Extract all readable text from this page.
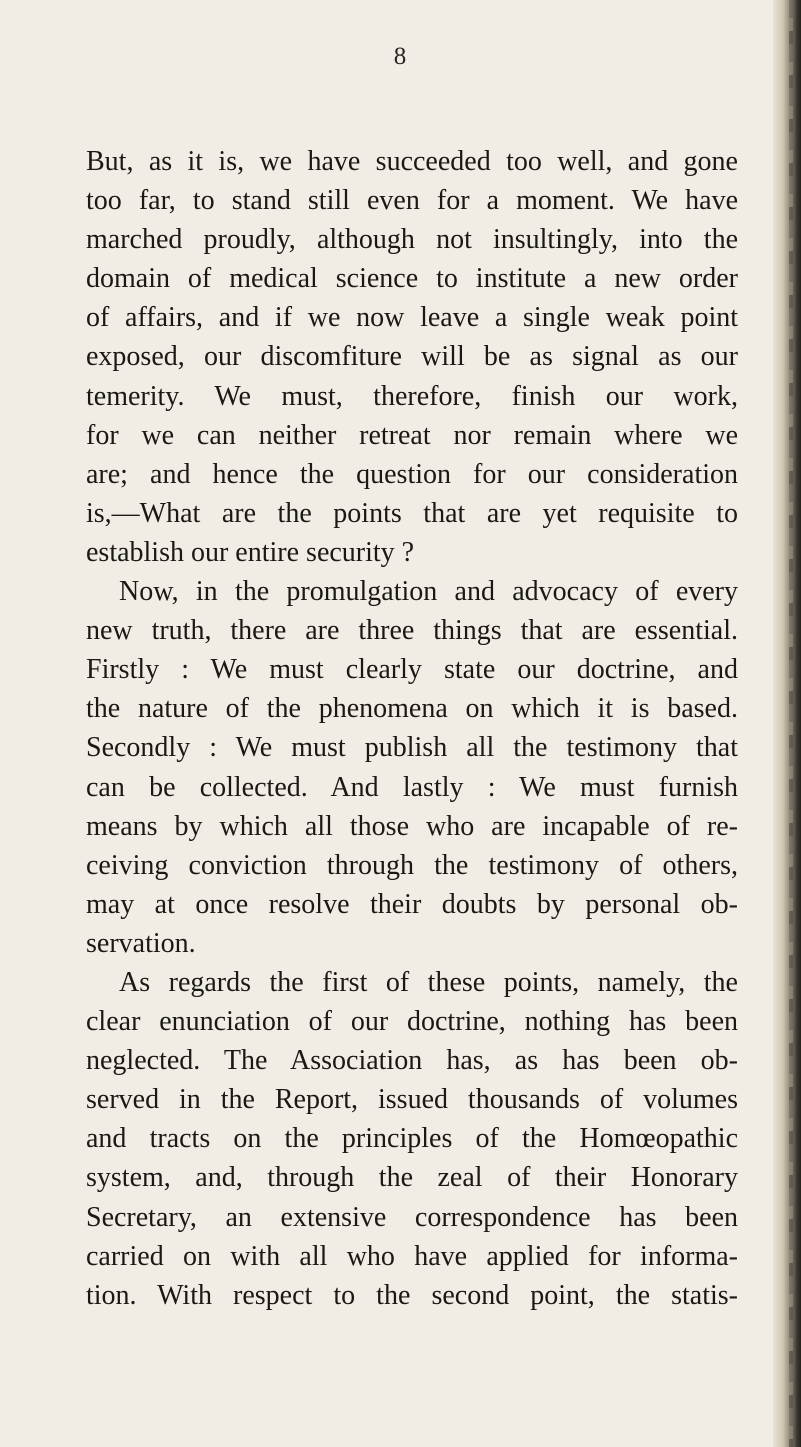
8
But, as it is, we have succeeded too well, and gone
too far, to stand still even for a moment. We have
marched proudly, although not insultingly, into the
domain of medical science to institute a new order
of affairs, and if we now leave a single weak point
exposed, our discomfiture will be as signal as our
temerity. We must, therefore, finish our work,
for we can neither retreat nor remain where we
are; and hence the question for our consideration
is,—What are the points that are yet requisite to
establish our entire security ?
Now, in the promulgation and advocacy of every
new truth, there are three things that are essential.
Firstly : We must clearly state our doctrine, and
the nature of the phenomena on which it is based.
Secondly : We must publish all the testimony that
can be collected. And lastly : We must furnish
means by which all those who are incapable of re-
ceiving conviction through the testimony of others,
may at once resolve their doubts by personal ob-
servation.
As regards the first of these points, namely, the
clear enunciation of our doctrine, nothing has been
neglected. The Association has, as has been ob-
served in the Report, issued thousands of volumes
and tracts on the principles of the Homœopathic
system, and, through the zeal of their Honorary
Secretary, an extensive correspondence has been
carried on with all who have applied for informa-
tion. With respect to the second point, the statis-
